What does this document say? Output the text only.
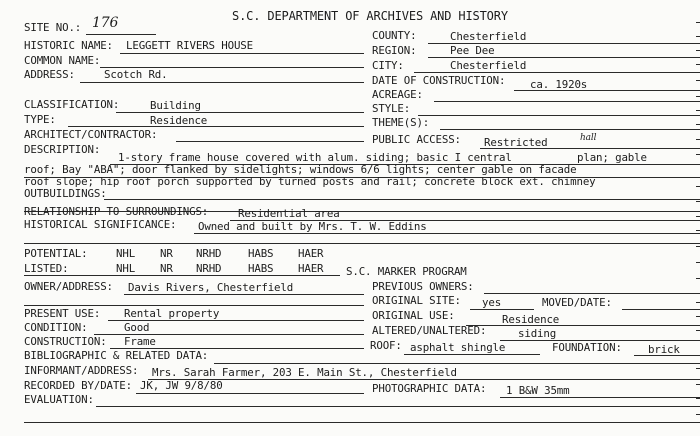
S.C. DEPARTMENT OF ARCHIVES AND HISTORY
SITE NO.: 176
HISTORIC NAME: LEGGETT RIVERS HOUSE
COMMON NAME:
ADDRESS:	Scotch Rd.
CLASSIFICATION:	Building
TYPE:	Residence
ARCHITECT/CONTRACTOR:
COUNTY:	Chesterfield
REGION:	Pee Dee
CITY:	Chesterfield
DATE OF CONSTRUCTION: ca. 1920s
ACREAGE:
STYLE:
THEME(S):
PUBLIC ACCESS: Restricted	hall
DESCRIPTION:
1-story frame house covered with alum. siding; basic I central	plan; gable
roof; Bay "ABA"; door flanked by sidelights; windows 6/6 lights; center gable on facade
roof slope; hip roof porch supported by turned posts and rail; concrete block ext. chimney
OUTBUILDINGS:
RELATIONSHIP TO SURROUNDINGS:	Residential area
HISTORICAL SIGNIFICANCE: Owned and built by Mrs. T. W. Eddins
POTENTIAL:	NHL NR NRHD HABS HAER
LISTED:	NHL NR NRHD HABS HAER S.C. MARKER PROGRAM
OWNER/ADDRESS: Davis Rivers, Chesterfield	PREVIOUS OWNERS:
ORIGINAL SITE: yes	MOVED/DATE:
PRESENT USE: Rental property	ORIGINAL USE:	Residence
CONDITION:	Good	ALTERED/UNALTERED:	siding
CONSTRUCTION: Frame	ROOF: asphalt shingle	FOUNDATION: brick
BIBLIOGRAPHIC & RELATED DATA:
INFORMANT/ADDRESS: Mrs. Sarah Farmer, 203 E. Main St., Chesterfield
RECORDED BY/DATE: JK, JW 9/8/80	PHOTOGRAPHIC DATA: 1 B&W 35mm
EVALUATION:
